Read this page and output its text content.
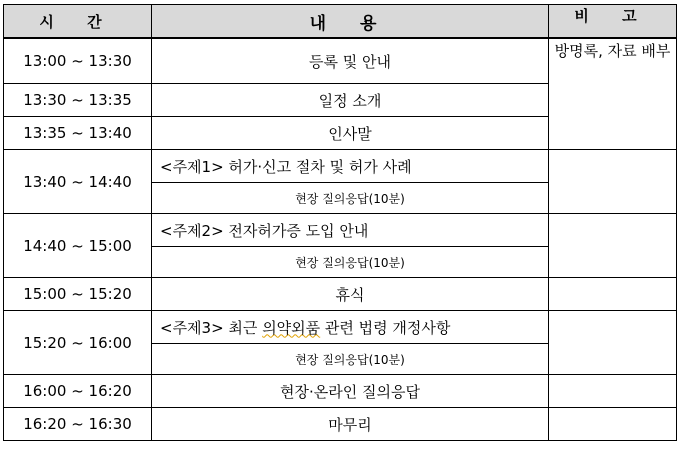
시 간	내 용	비 고
13:00 ~ 13:30	등록 및 안내	방명록, 자료 배부

13:30 ~ 13:35	일정 소개	
13:35 ~ 13:40	인사말	
13:40 ~ 14:40	<주제1> 허가·신고 절차 및 허가 사례	
	현장 질의응답(10분)	
14:40 ~ 15:00	<주제2> 전자허가증 도입 안내	
	현장 질의응답(10분)	
15:00 ~ 15:20	휴식	
15:20 ~ 16:00	<주제3> 최근 의약외품 관련 법령 개정사항	
	현장 질의응답(10분)	
16:00 ~ 16:20	현장·온라인 질의응답	
16:20 ~ 16:30	마무리	
